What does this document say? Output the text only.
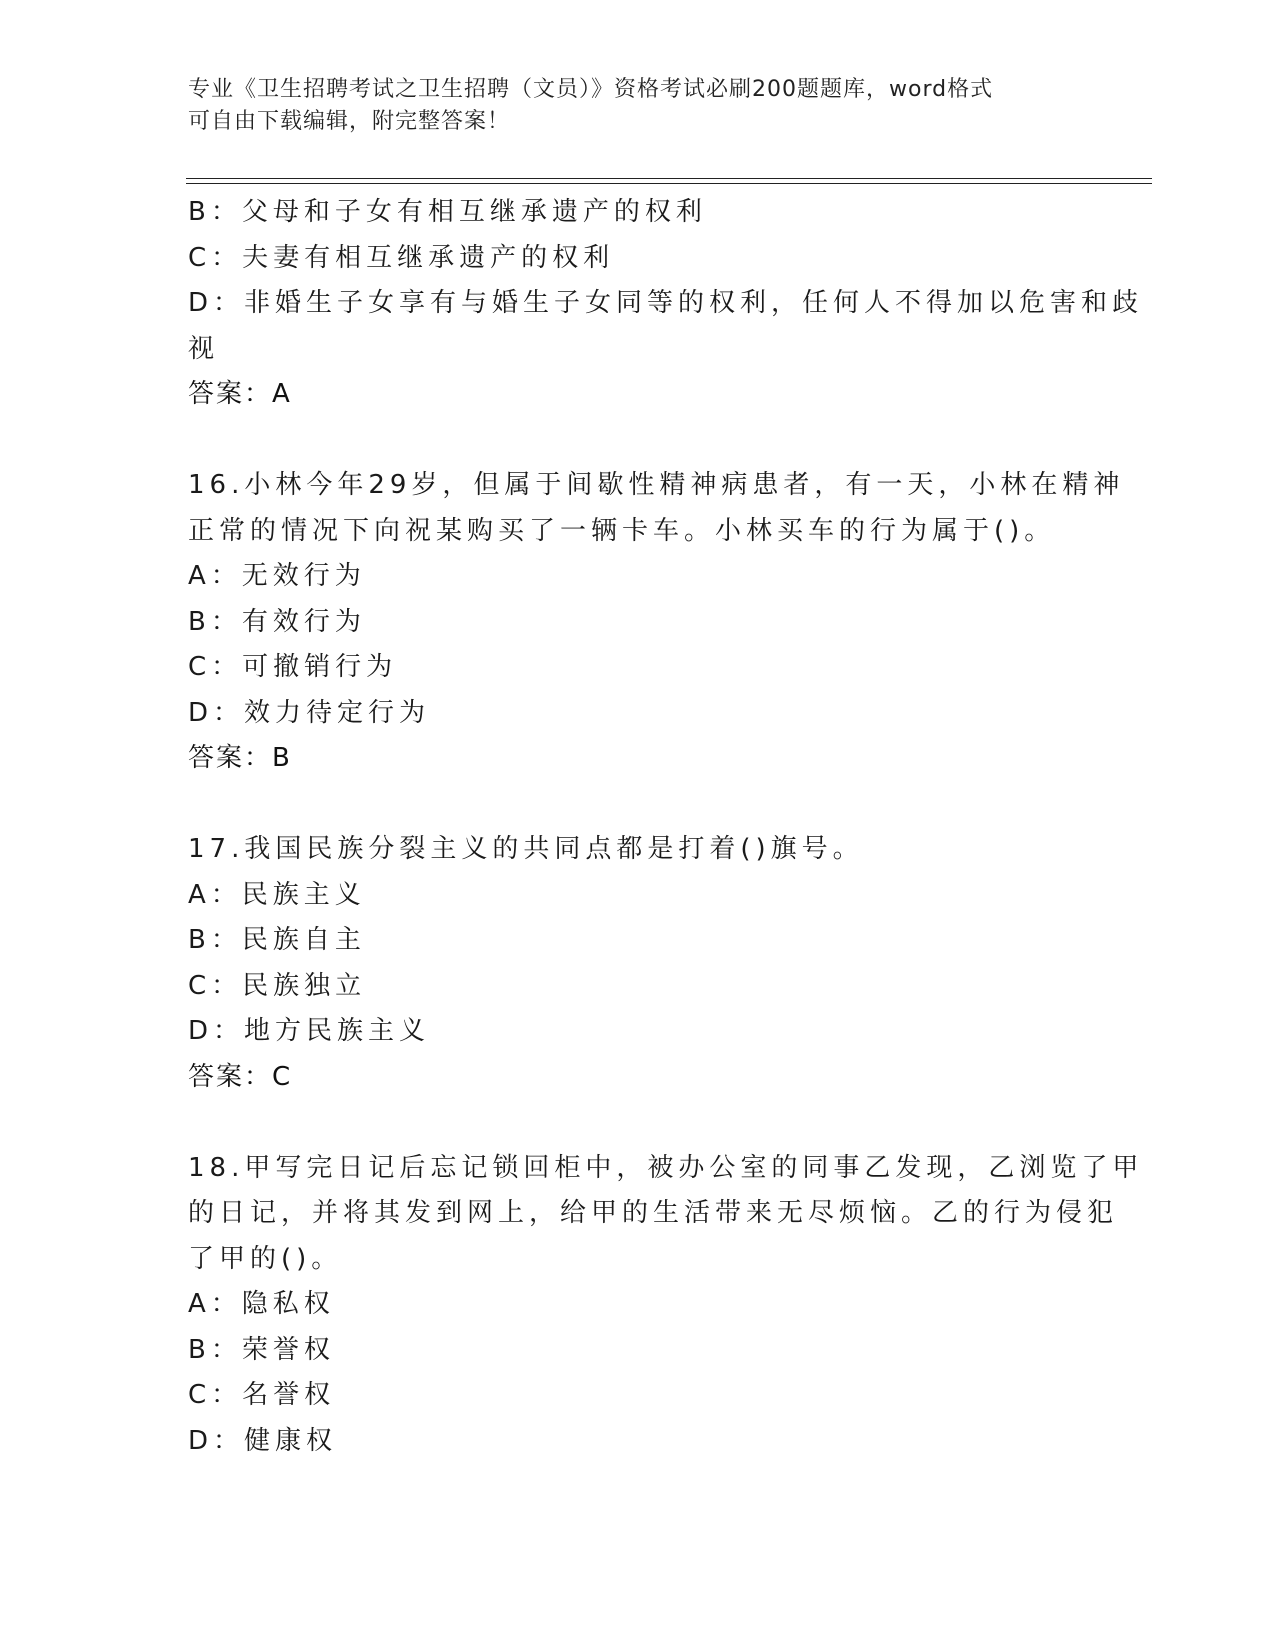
专业《卫生招聘考试之卫生招聘（文员）》资格考试必刷200题题库，word格式
可自由下载编辑，附完整答案！
B：父母和子女有相互继承遗产的权利
C：夫妻有相互继承遗产的权利
D：非婚生子女享有与婚生子女同等的权利，任何人不得加以危害和歧
视
答案：A
16.小林今年29岁，但属于间歇性精神病患者，有一天，小林在精神
正常的情况下向祝某购买了一辆卡车。小林买车的行为属于()。
A：无效行为
B：有效行为
C：可撤销行为
D：效力待定行为
答案：B
17.我国民族分裂主义的共同点都是打着()旗号。
A：民族主义
B：民族自主
C：民族独立
D：地方民族主义
答案：C
18.甲写完日记后忘记锁回柜中，被办公室的同事乙发现，乙浏览了甲
的日记，并将其发到网上，给甲的生活带来无尽烦恼。乙的行为侵犯
了甲的()。
A：隐私权
B：荣誉权
C：名誉权
D：健康权
